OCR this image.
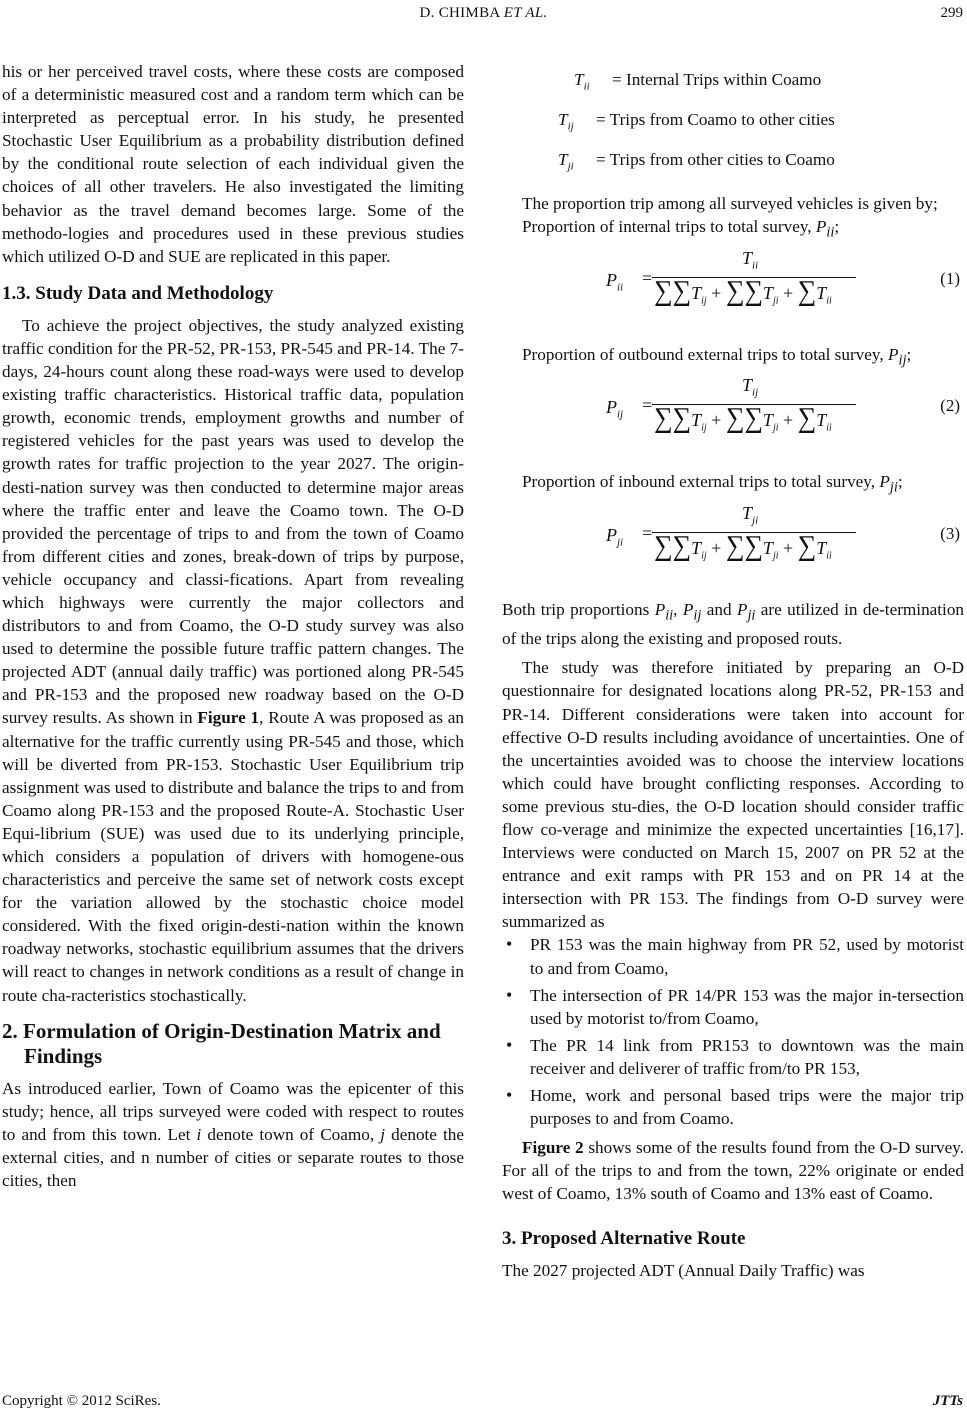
D. CHIMBA ET AL.	299

his or her perceived travel costs, where these costs are composed of a deterministic measured cost and a random term which can be interpreted as perceptual error. In his study, he presented Stochastic User Equilibrium as a probability distribution defined by the conditional route selection of each individual given the choices of all other travelers. He also investigated the limiting behavior as the travel demand becomes large. Some of the methodo-logies and procedures used in these previous studies which utilized O-D and SUE are replicated in this paper.

1.3. Study Data and Methodology

To achieve the project objectives, the study analyzed existing traffic condition for the PR-52, PR-153, PR-545 and PR-14. The 7-days, 24-hours count along these road-ways were used to develop existing traffic characteristics. Historical traffic data, population growth, economic trends, employment growths and number of registered vehicles for the past years was used to develop the growth rates for traffic projection to the year 2027. The origin-desti-nation survey was then conducted to determine major areas where the traffic enter and leave the Coamo town. The O-D provided the percentage of trips to and from the town of Coamo from different cities and zones, break-down of trips by purpose, vehicle occupancy and classi-fications. Apart from revealing which highways were currently the major collectors and distributors to and from Coamo, the O-D study survey was also used to determine the possible future traffic pattern changes. The projected ADT (annual daily traffic) was portioned along PR-545 and PR-153 and the proposed new roadway based on the O-D survey results. As shown in Figure 1, Route A was proposed as an alternative for the traffic currently using PR-545 and those, which will be diverted from PR-153. Stochastic User Equilibrium trip assignment was used to distribute and balance the trips to and from Coamo along PR-153 and the proposed Route-A. Stochastic User Equi-librium (SUE) was used due to its underlying principle, which considers a population of drivers with homogene-ous characteristics and perceive the same set of network costs except for the variation allowed by the stochastic choice model considered. With the fixed origin-desti-nation within the known roadway networks, stochastic equilibrium assumes that the drivers will react to changes in network conditions as a result of change in route cha-racteristics stochastically.

2. Formulation of Origin-Destination Matrix and Findings

As introduced earlier, Town of Coamo was the epicenter of this study; hence, all trips surveyed were coded with respect to routes to and from this town. Let i denote town of Coamo, j denote the external cities, and n number of cities or separate routes to those cities, then

$T_{ii}$ = Internal Trips within Coamo
$T_{ij}$ = Trips from Coamo to other cities
$T_{ji}$ = Trips from other cities to Coamo

The proportion trip among all surveyed vehicles is given by;

Proportion of internal trips to total survey, $P_{ii}$;

$P_{ii}$ =
$T_{ii}$
$\sum\sum T_{ij} + \sum\sum T_{ji} + \sum T_{ii}$
(1)

Proportion of outbound external trips to total survey, $P_{ij}$;

$P_{ij}$ =
$T_{ij}$
$\sum\sum T_{ij} + \sum\sum T_{ji} + \sum T_{ii}$
(2)

Proportion of inbound external trips to total survey, $P_{ji}$;

$P_{ji}$ =
$T_{ji}$
$\sum\sum T_{ij} + \sum\sum T_{ji} + \sum T_{ii}$
(3)

Both trip proportions $P_{ii}$, $P_{ij}$ and $P_{ji}$ are utilized in de-termination of the trips along the existing and proposed routs.

The study was therefore initiated by preparing an O-D questionnaire for designated locations along PR-52, PR-153 and PR-14. Different considerations were taken into account for effective O-D results including avoidance of uncertainties. One of the uncertainties avoided was to choose the interview locations which could have brought conflicting responses. According to some previous stu-dies, the O-D location should consider traffic flow co-verage and minimize the expected uncertainties [16,17]. Interviews were conducted on March 15, 2007 on PR 52 at the entrance and exit ramps with PR 153 and on PR 14 at the intersection with PR 153. The findings from O-D survey were summarized as

• PR 153 was the main highway from PR 52, used by motorist to and from Coamo,
• The intersection of PR 14/PR 153 was the major in-tersection used by motorist to/from Coamo,
• The PR 14 link from PR153 to downtown was the main receiver and deliverer of traffic from/to PR 153,
• Home, work and personal based trips were the major trip purposes to and from Coamo.

Figure 2 shows some of the results found from the O-D survey. For all of the trips to and from the town, 22% originate or ended west of Coamo, 13% south of Coamo and 13% east of Coamo.

3. Proposed Alternative Route

The 2027 projected ADT (Annual Daily Traffic) was

Copyright © 2012 SciRes.	JTTs
